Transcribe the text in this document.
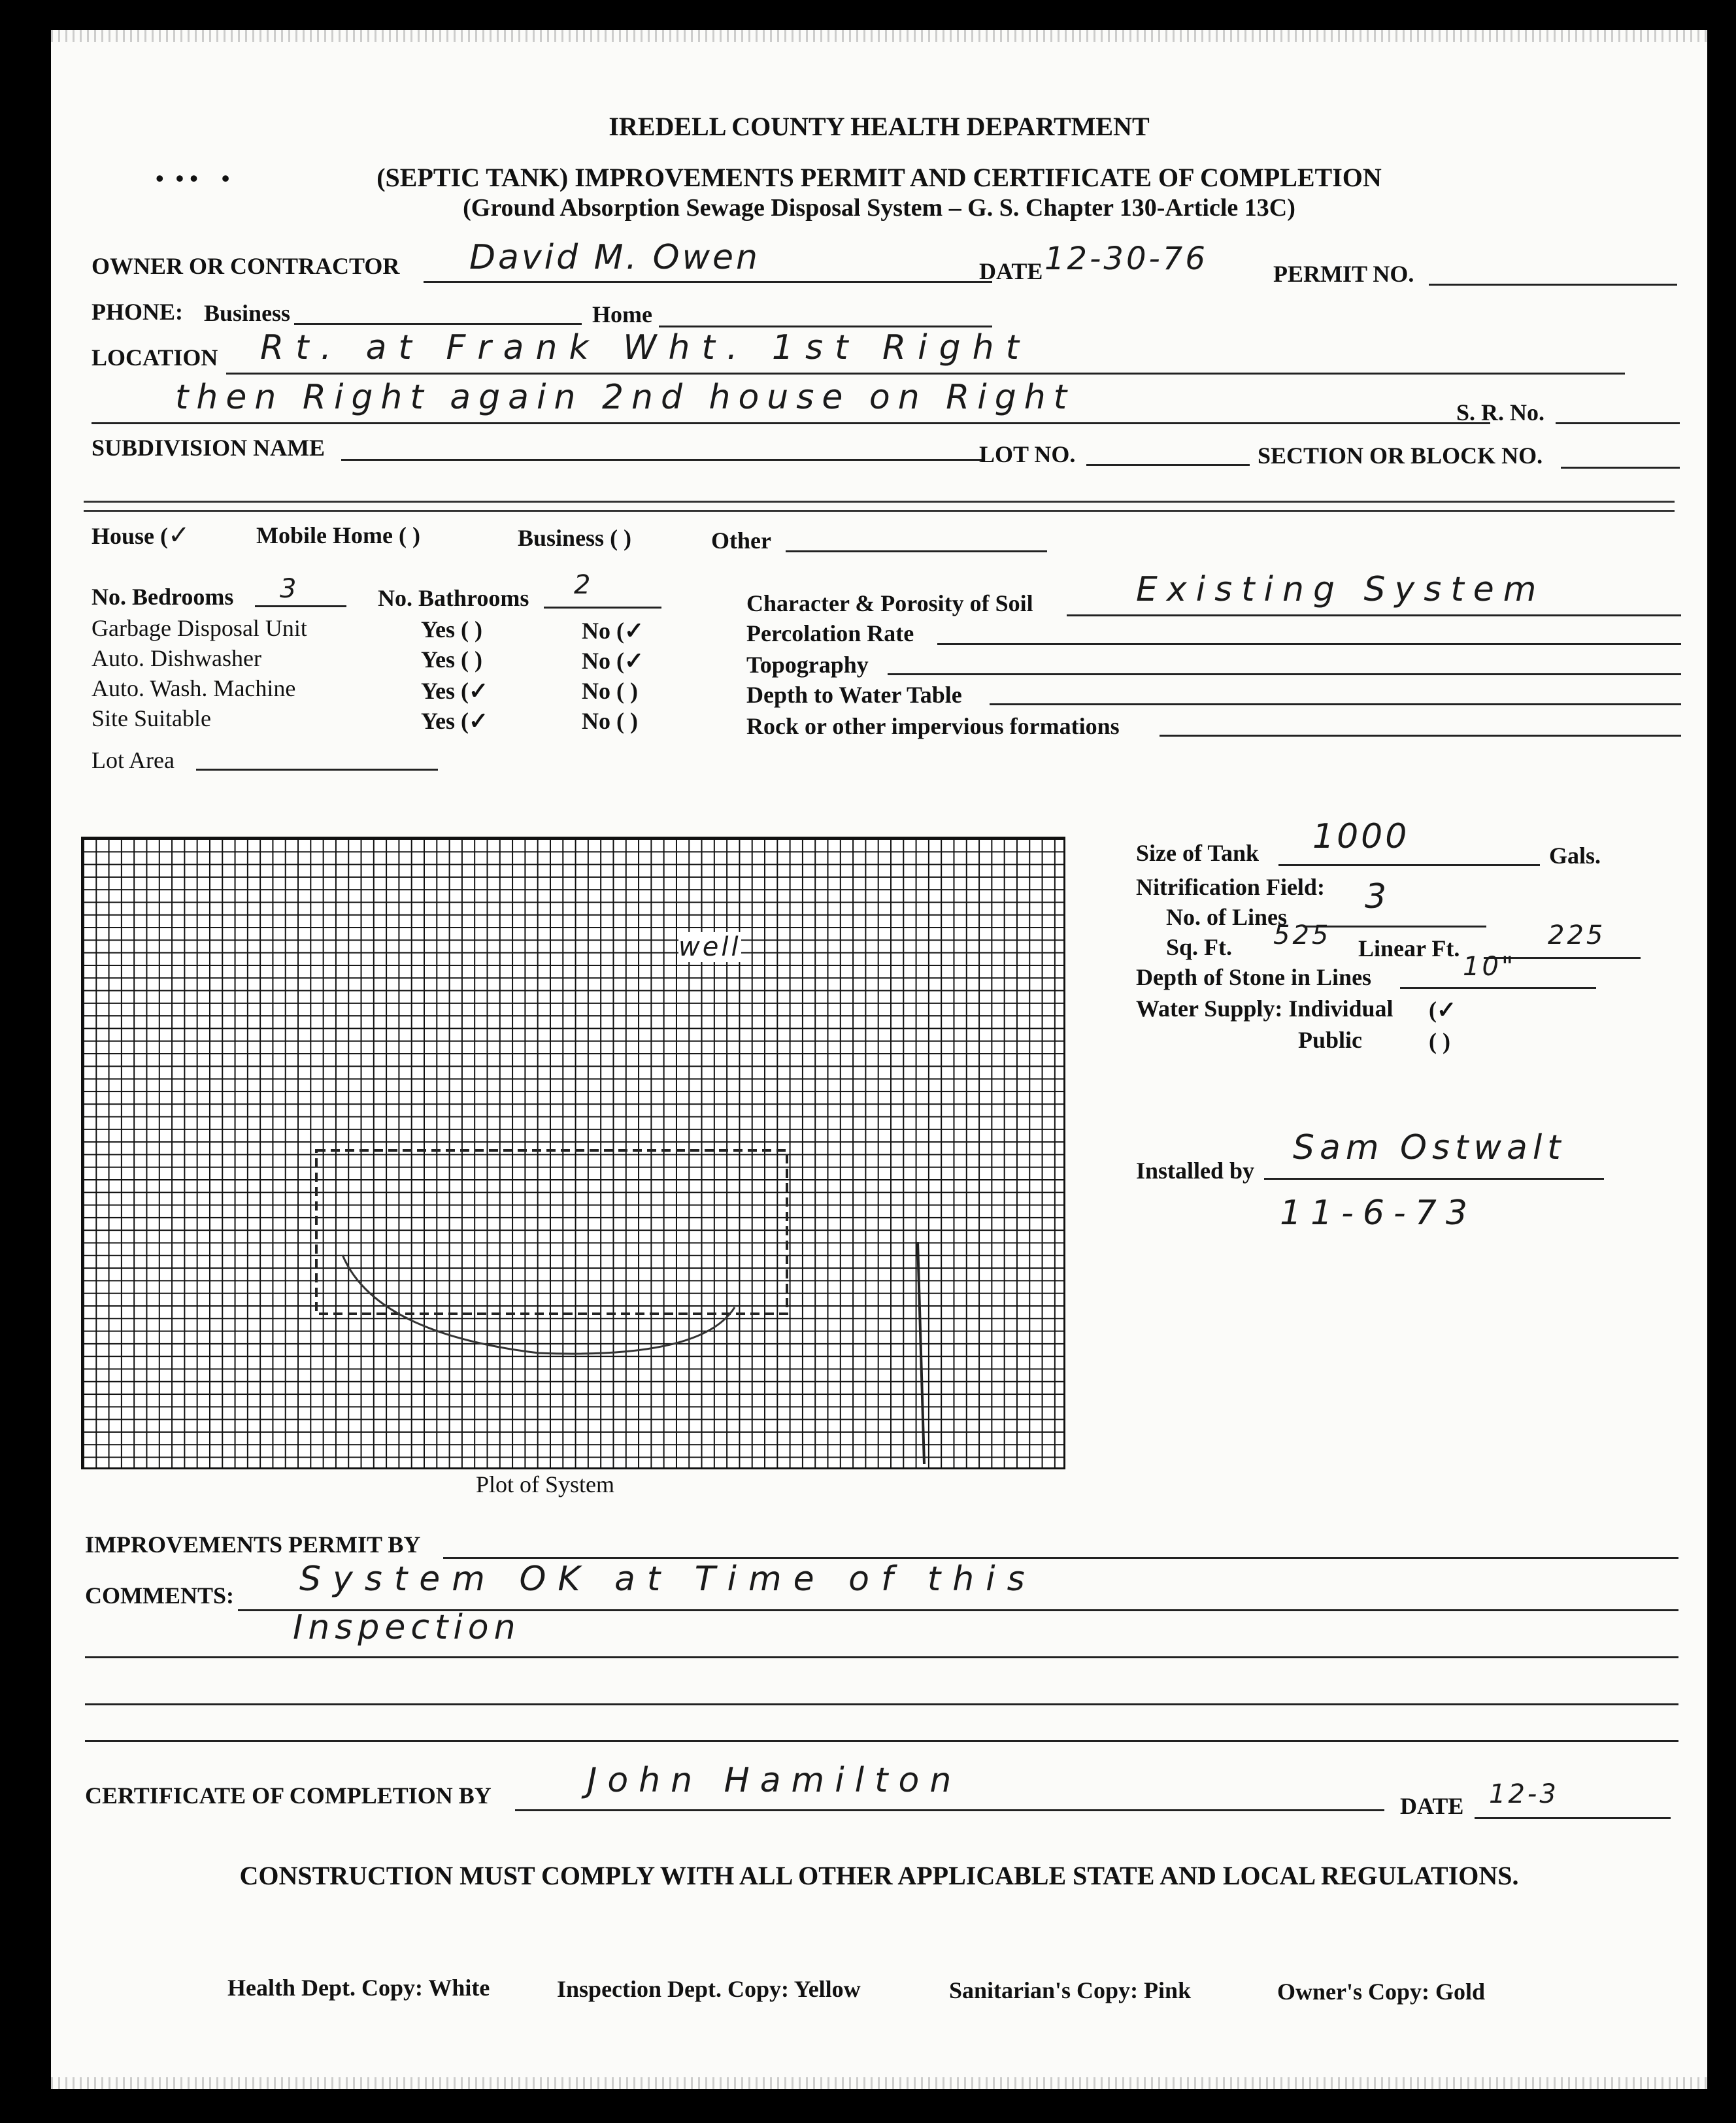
IREDELL COUNTY HEALTH DEPARTMENT
(SEPTIC TANK) IMPROVEMENTS PERMIT AND CERTIFICATE OF COMPLETION
(Ground Absorption Sewage Disposal System – G. S. Chapter 130-Article 13C)
•  • •    •
OWNER OR CONTRACTOR David M. Owen	DATE 12-30-76	PERMIT NO.
PHONE: Business	Home
LOCATION Rt. at Frank Wht. 1st Right
then Right again 2nd house on Right	S. R. No.
SUBDIVISION NAME	LOT NO.	SECTION OR BLOCK NO.
House (✓	Mobile Home ( )	Business ( )	Other
No. Bedrooms 3	No. Bathrooms 2
Garbage Disposal Unit	Yes ( )	No (✓
Auto. Dishwasher	Yes ( )	No (✓
Auto. Wash. Machine	Yes (✓	No ( )
Site Suitable	Yes (✓	No ( )
Lot Area
Character & Porosity of Soil	Existing System
Percolation Rate
Topography
Depth to Water Table
Rock or other impervious formations
well
Plot of System
Size of Tank 1000	Gals.
Nitrification Field:
No. of Lines
3
Sq. Ft. 525 Linear Ft.	225
Depth of Stone in Lines	10"
Water Supply: Individual (✓
Public	( )
Installed by
Sam Ostwalt
11-6-73
IMPROVEMENTS PERMIT BY
COMMENTS: System OK at Time of this
Inspection
CERTIFICATE OF COMPLETION BY	John Hamilton
DATE 12-3
CONSTRUCTION MUST COMPLY WITH ALL OTHER APPLICABLE STATE AND LOCAL REGULATIONS.
Health Dept. Copy: White	Inspection Dept. Copy: Yellow	Sanitarian's Copy: Pink	Owner's Copy: Gold
